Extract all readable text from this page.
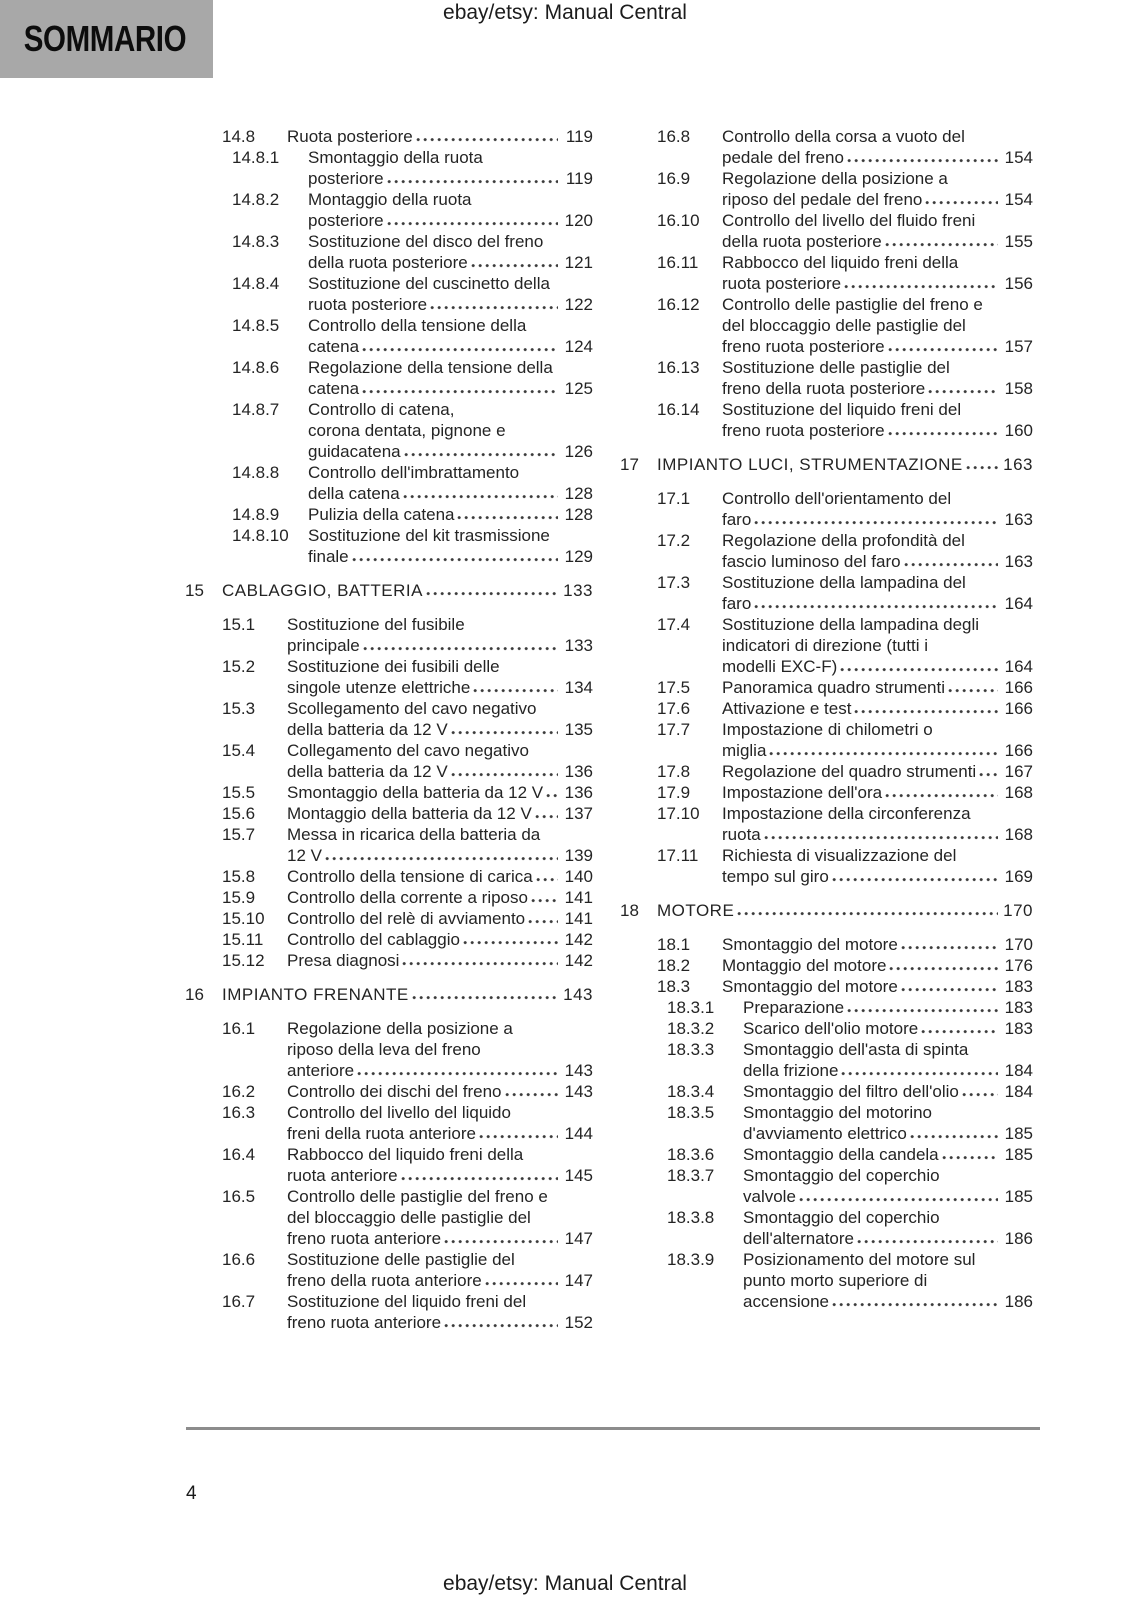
ebay/etsy: Manual Central
SOMMARIO
14.8	Ruota posteriore	119
14.8.1	Smontaggio della ruota
posteriore	119
14.8.2	Montaggio della ruota
posteriore	120
14.8.3	Sostituzione del disco del freno
della ruota posteriore	121
14.8.4	Sostituzione del cuscinetto della
ruota posteriore	122
14.8.5	Controllo della tensione della
catena	124
14.8.6	Regolazione della tensione della
catena	125
14.8.7	Controllo di catena,
corona dentata, pignone e
guidacatena	126
14.8.8	Controllo dell'imbrattamento
della catena	128
14.8.9	Pulizia della catena	128
14.8.10	Sostituzione del kit trasmissione
finale	129
15	CABLAGGIO, BATTERIA	133
15.1	Sostituzione del fusibile
principale	133
15.2	Sostituzione dei fusibili delle
singole utenze elettriche	134
15.3	Scollegamento del cavo negativo
della batteria da 12 V	135
15.4	Collegamento del cavo negativo
della batteria da 12 V	136
15.5	Smontaggio della batteria da 12 V 136
15.6	Montaggio della batteria da 12 V 137
15.7	Messa in ricarica della batteria da
12 V	139
15.8	Controllo della tensione di carica 140
15.9	Controllo della corrente a riposo 141
15.10	Controllo del relè di avviamento 141
15.11	Controllo del cablaggio	142
15.12	Presa diagnosi	142
16	IMPIANTO FRENANTE	143
16.1	Regolazione della posizione a
riposo della leva del freno
anteriore	143
16.2	Controllo dei dischi del freno	143
16.3	Controllo del livello del liquido
freni della ruota anteriore	144
16.4	Rabbocco del liquido freni della
ruota anteriore	145
16.5	Controllo delle pastiglie del freno e
del bloccaggio delle pastiglie del
freno ruota anteriore	147
16.6	Sostituzione delle pastiglie del
freno della ruota anteriore	147
16.7	Sostituzione del liquido freni del
freno ruota anteriore	152
16.8	Controllo della corsa a vuoto del
pedale del freno	154
16.9	Regolazione della posizione a
riposo del pedale del freno	154
16.10	Controllo del livello del fluido freni
della ruota posteriore	155
16.11	Rabbocco del liquido freni della
ruota posteriore	156
16.12	Controllo delle pastiglie del freno e
del bloccaggio delle pastiglie del
freno ruota posteriore	157
16.13	Sostituzione delle pastiglie del
freno della ruota posteriore	158
16.14	Sostituzione del liquido freni del
freno ruota posteriore	160
17	IMPIANTO LUCI, STRUMENTAZIONE 163
17.1	Controllo dell'orientamento del
faro	163
17.2	Regolazione della profondità del
fascio luminoso del faro	163
17.3	Sostituzione della lampadina del
faro	164
17.4	Sostituzione della lampadina degli
indicatori di direzione (tutti i
modelli EXC-F)	164
17.5	Panoramica quadro strumenti	166
17.6	Attivazione e test	166
17.7	Impostazione di chilometri o
miglia	166
17.8	Regolazione del quadro strumenti 167
17.9	Impostazione dell'ora	168
17.10	Impostazione della circonferenza
ruota	168
17.11	Richiesta di visualizzazione del
tempo sul giro	169
18	MOTORE	170
18.1	Smontaggio del motore	170
18.2	Montaggio del motore	176
18.3	Smontaggio del motore	183
18.3.1	Preparazione	183
18.3.2	Scarico dell'olio motore	183
18.3.3	Smontaggio dell'asta di spinta
della frizione	184
18.3.4	Smontaggio del filtro dell'olio	184
18.3.5	Smontaggio del motorino
d'avviamento elettrico	185
18.3.6	Smontaggio della candela	185
18.3.7	Smontaggio del coperchio
valvole	185
18.3.8	Smontaggio del coperchio
dell'alternatore	186
18.3.9	Posizionamento del motore sul
punto morto superiore di
accensione	186
4
ebay/etsy: Manual Central
